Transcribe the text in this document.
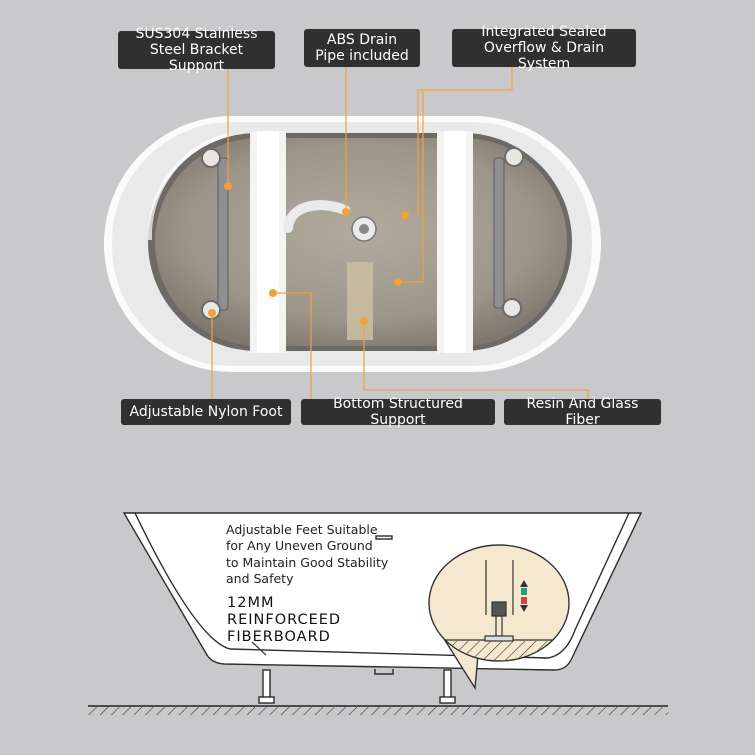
SUS304 Stainless
Steel Bracket Support
ABS Drain
Pipe included
Integrated Sealed
Overflow & Drain System
Adjustable Nylon Foot	Bottom Structured Support
Resin And Glass Fiber
Adjustable Feet Suitable
for Any Uneven Ground
to Maintain Good Stability
and Safety
12MM
REINFORCEED
FIBERBOARD
